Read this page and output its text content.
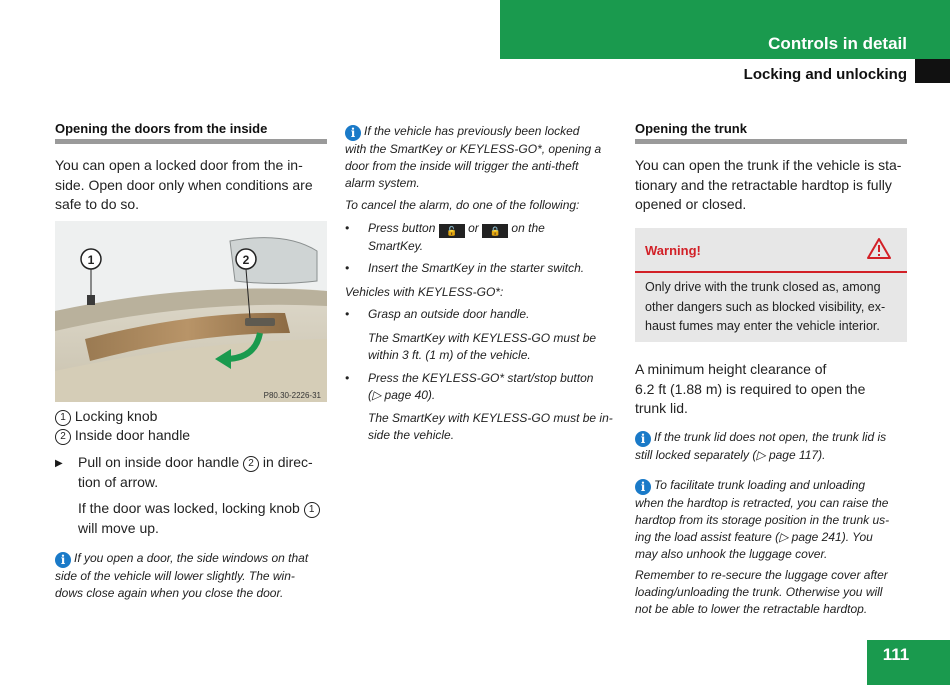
Controls in detail
Locking and unlocking
Opening the doors from the inside
You can open a locked door from the in-
side. Open door only when conditions are
safe to do so.
1	2
P80.30-2226-31
1 Locking knob
2 Inside door handle
▶ Pull on inside door handle 2 in direc-
tion of arrow.
If the door was locked, locking knob 1
will move up.
i If you open a door, the side windows on that
side of the vehicle will lower slightly. The win-
dows close again when you close the door.
i If the vehicle has previously been locked
with the SmartKey or KEYLESS-GO*, opening a
door from the inside will trigger the anti-theft
alarm system.
To cancel the alarm, do one of the following:
• Press button 🔓 or 🔒 on the
SmartKey.
• Insert the SmartKey in the starter switch.
Vehicles with KEYLESS-GO*:
• Grasp an outside door handle.
The SmartKey with KEYLESS-GO must be
within 3 ft. (1 m) of the vehicle.
• Press the KEYLESS-GO* start/stop button
(▷ page 40).
The SmartKey with KEYLESS-GO must be in-
side the vehicle.
Opening the trunk
You can open the trunk if the vehicle is sta-
tionary and the retractable hardtop is fully
opened or closed.
Warning!
Only drive with the trunk closed as, among
other dangers such as blocked visibility, ex-
haust fumes may enter the vehicle interior.
A minimum height clearance of
6.2 ft (1.88 m) is required to open the
trunk lid.
i If the trunk lid does not open, the trunk lid is
still locked separately (▷ page 117).
i To facilitate trunk loading and unloading
when the hardtop is retracted, you can raise the
hardtop from its storage position in the trunk us-
ing the load assist feature (▷ page 241). You
may also unhook the luggage cover.
Remember to re-secure the luggage cover after
loading/unloading the trunk. Otherwise you will
not be able to lower the retractable hardtop.
111
